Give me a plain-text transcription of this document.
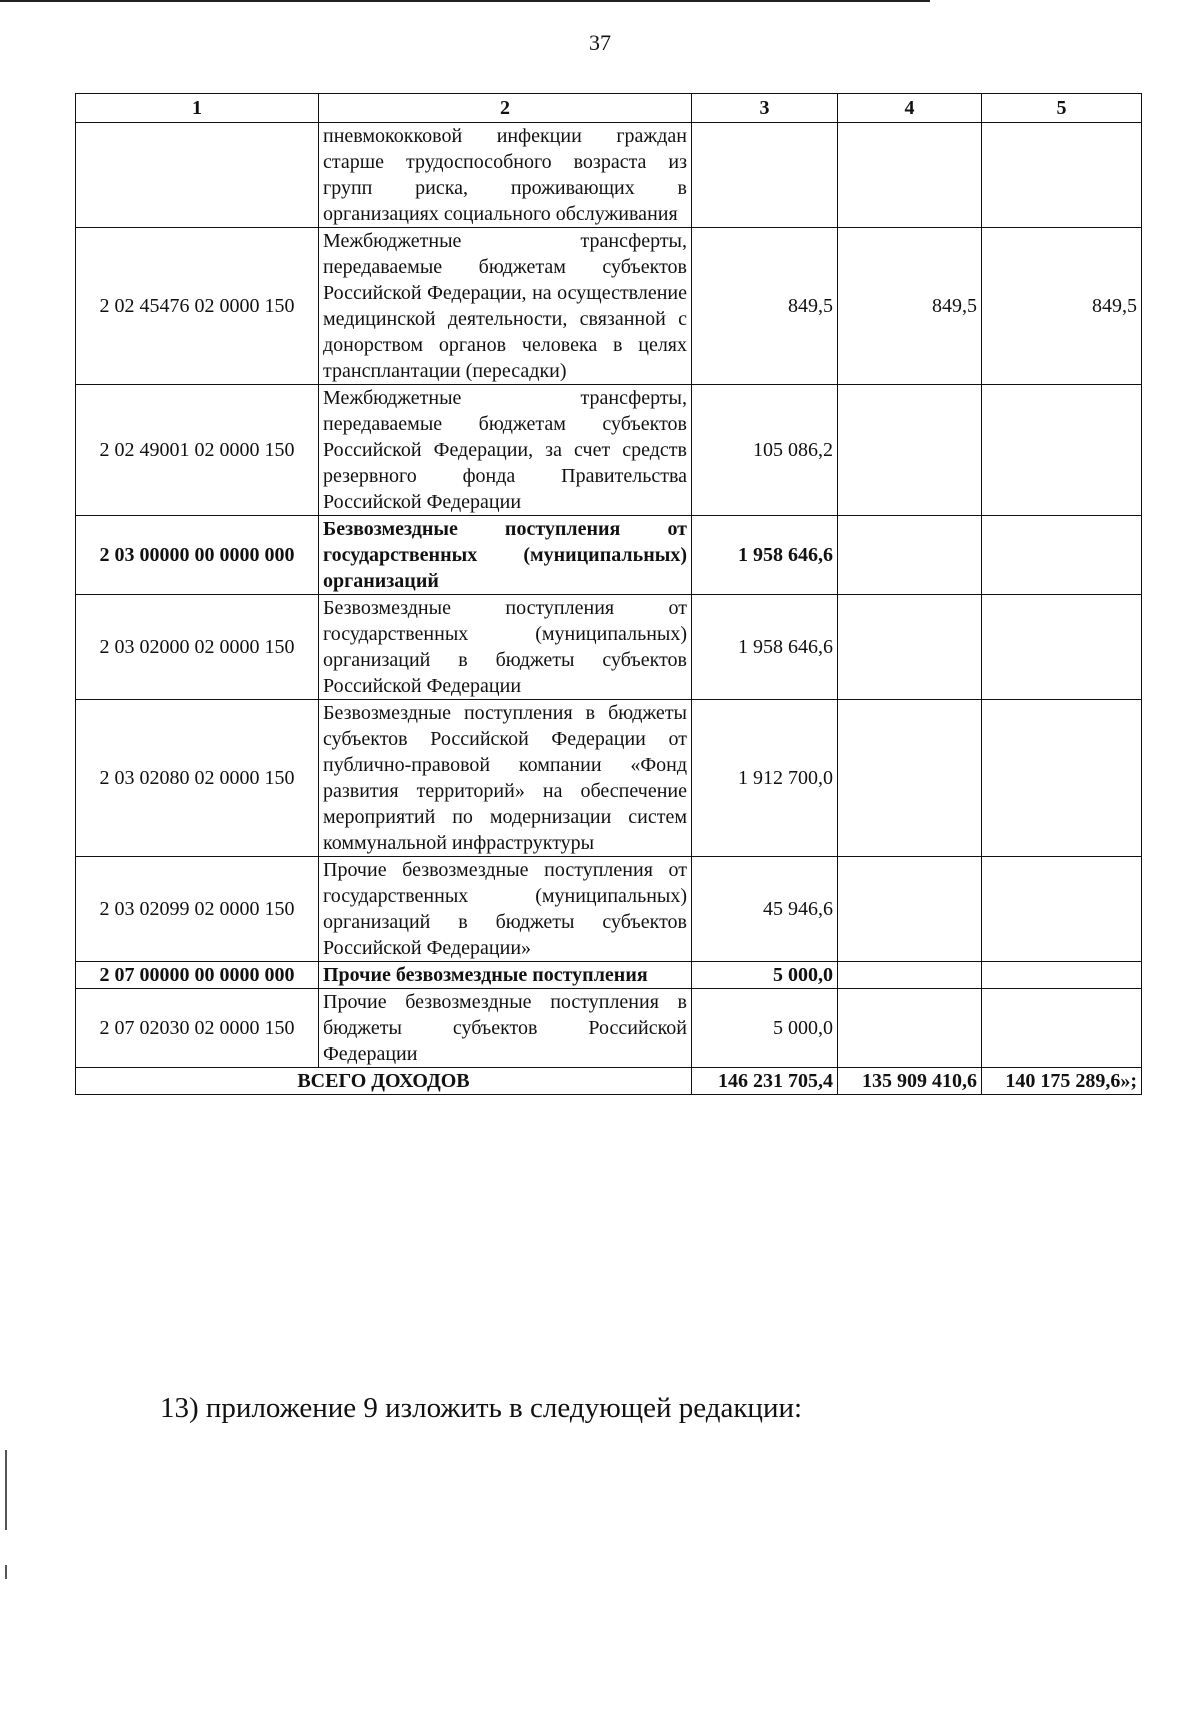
37
1	2	3	4	5
	пневмококковой инфекции граждан старше трудоспособного возраста из групп риска, проживающих в организациях социального обслуживания			
2 02 45476 02 0000 150	Межбюджетные трансферты, передаваемые бюджетам субъектов Российской Федерации, на осуществление медицинской деятельности, связанной с донорством органов человека в целях трансплантации (пересадки)	849,5	849,5	849,5
2 02 49001 02 0000 150	Межбюджетные трансферты, передаваемые бюджетам субъектов Российской Федерации, за счет средств резервного фонда Правительства Российской Федерации	105 086,2		
2 03 00000 00 0000 000	Безвозмездные поступления от государственных (муниципальных) организаций	1 958 646,6		
2 03 02000 02 0000 150	Безвозмездные поступления от государственных (муниципальных) организаций в бюджеты субъектов Российской Федерации	1 958 646,6		
2 03 02080 02 0000 150	Безвозмездные поступления в бюджеты субъектов Российской Федерации от публично-правовой компании «Фонд развития территорий» на обеспечение мероприятий по модернизации систем коммунальной инфраструктуры	1 912 700,0		
2 03 02099 02 0000 150	Прочие безвозмездные поступления от государственных (муниципальных) организаций в бюджеты субъектов Российской Федерации»	45 946,6		
2 07 00000 00 0000 000	Прочие безвозмездные поступления	5 000,0		
2 07 02030 02 0000 150	Прочие безвозмездные поступления в бюджеты субъектов Российской Федерации	5 000,0		
ВСЕГО ДОХОДОВ		146 231 705,4	135 909 410,6	140 175 289,6»;
13) приложение 9 изложить в следующей редакции:
